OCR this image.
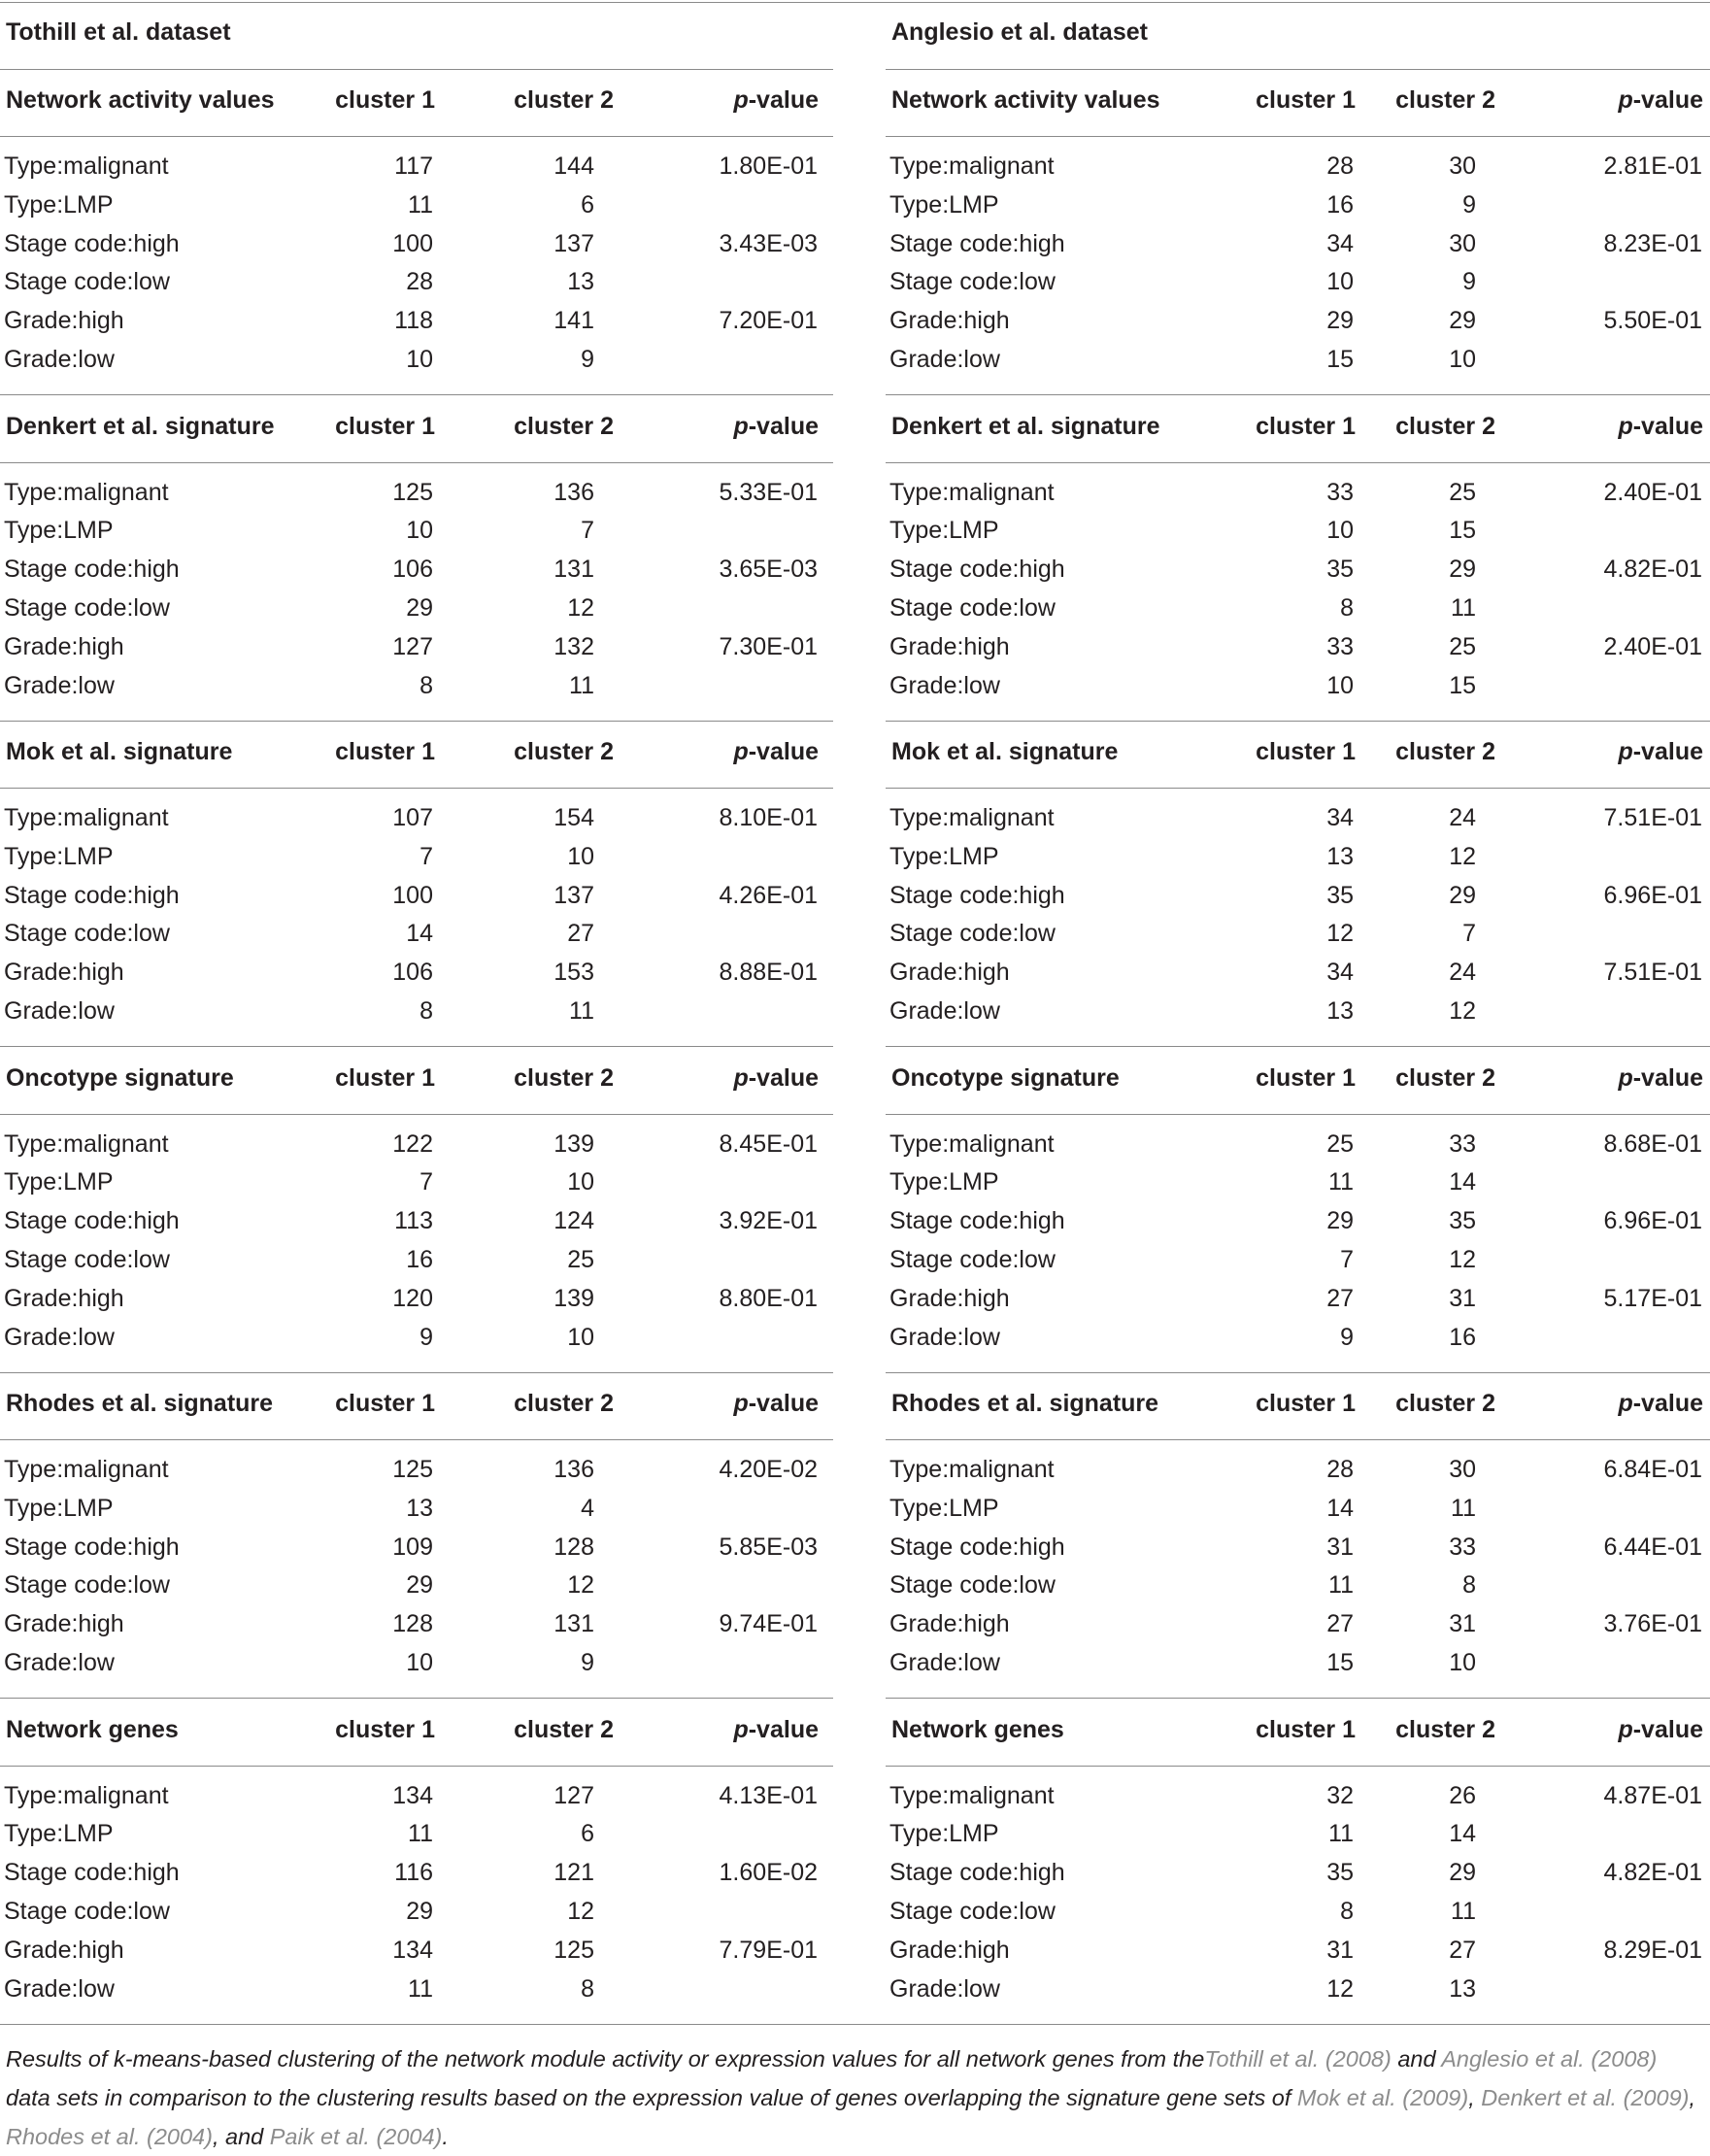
Tothill et al. dataset
Network activity values	cluster 1	cluster 2	p-value
Type:malignant	117	144	1.80E-01
Type:LMP	11	6
Stage code:high	100	137	3.43E-03
Stage code:low	28	13
Grade:high	118	141	7.20E-01
Grade:low	10	9
Denkert et al. signature	cluster 1	cluster 2	p-value
Type:malignant	125	136	5.33E-01
Type:LMP	10	7
Stage code:high	106	131	3.65E-03
Stage code:low	29	12
Grade:high	127	132	7.30E-01
Grade:low	8	11
Mok et al. signature	cluster 1	cluster 2	p-value
Type:malignant	107	154	8.10E-01
Type:LMP	7	10
Stage code:high	100	137	4.26E-01
Stage code:low	14	27
Grade:high	106	153	8.88E-01
Grade:low	8	11
Oncotype signature	cluster 1	cluster 2	p-value
Type:malignant	122	139	8.45E-01
Type:LMP	7	10
Stage code:high	113	124	3.92E-01
Stage code:low	16	25
Grade:high	120	139	8.80E-01
Grade:low	9	10
Rhodes et al. signature	cluster 1	cluster 2	p-value
Type:malignant	125	136	4.20E-02
Type:LMP	13	4
Stage code:high	109	128	5.85E-03
Stage code:low	29	12
Grade:high	128	131	9.74E-01
Grade:low	10	9
Network genes	cluster 1	cluster 2	p-value
Type:malignant	134	127	4.13E-01
Type:LMP	11	6
Stage code:high	116	121	1.60E-02
Stage code:low	29	12
Grade:high	134	125	7.79E-01
Grade:low	11	8
Anglesio et al. dataset
Network activity values	cluster 1 cluster 2	p-value
Type:malignant	28	30	2.81E-01
Type:LMP	16	9
Stage code:high	34	30	8.23E-01
Stage code:low	10	9
Grade:high	29	29	5.50E-01
Grade:low	15	10
Denkert et al. signature	cluster 1 cluster 2	p-value
Type:malignant	33	25	2.40E-01
Type:LMP	10	15
Stage code:high	35	29	4.82E-01
Stage code:low	8	11
Grade:high	33	25	2.40E-01
Grade:low	10	15
Mok et al. signature	cluster 1 cluster 2	p-value
Type:malignant	34	24	7.51E-01
Type:LMP	13	12
Stage code:high	35	29	6.96E-01
Stage code:low	12	7
Grade:high	34	24	7.51E-01
Grade:low	13	12
Oncotype signature	cluster 1 cluster 2	p-value
Type:malignant	25	33	8.68E-01
Type:LMP	11	14
Stage code:high	29	35	6.96E-01
Stage code:low	7	12
Grade:high	27	31	5.17E-01
Grade:low	9	16
Rhodes et al. signature	cluster 1 cluster 2	p-value
Type:malignant	28	30	6.84E-01
Type:LMP	14	11
Stage code:high	31	33	6.44E-01
Stage code:low	11	8
Grade:high	27	31	3.76E-01
Grade:low	15	10
Network genes	cluster 1 cluster 2	p-value
Type:malignant	32	26	4.87E-01
Type:LMP	11	14
Stage code:high	35	29	4.82E-01
Stage code:low	8	11
Grade:high	31	27	8.29E-01
Grade:low	12	13

Results of k-means-based clustering of the network module activity or expression values for all network genes from theTothill et al. (2008) and Anglesio et al. (2008) data sets in comparison to the clustering results based on the expression value of genes overlapping the signature gene sets of Mok et al. (2009), Denkert et al. (2009), Rhodes et al. (2004), and Paik et al. (2004).
